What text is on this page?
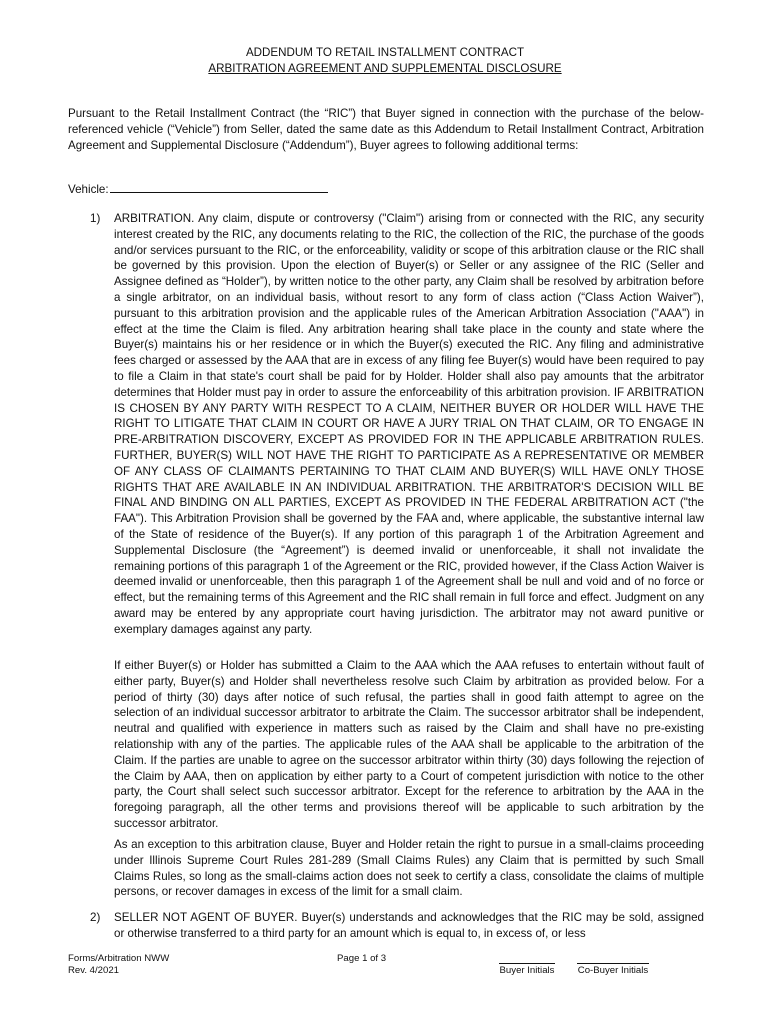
ADDENDUM TO RETAIL INSTALLMENT CONTRACT
ARBITRATION AGREEMENT AND SUPPLEMENTAL DISCLOSURE

Pursuant to the Retail Installment Contract (the “RIC”) that Buyer signed in connection with the purchase of the below-referenced vehicle (“Vehicle”) from Seller, dated the same date as this Addendum to Retail Installment Contract, Arbitration Agreement and Supplemental Disclosure (“Addendum”), Buyer agrees to following additional terms:

Vehicle:
1) ARBITRATION. Any claim, dispute or controversy ("Claim") arising from or connected with the RIC, any security interest created by the RIC, any documents relating to the RIC, the collection of the RIC, the purchase of the goods and/or services pursuant to the RIC, or the enforceability, validity or scope of this arbitration clause or the RIC shall be governed by this provision. Upon the election of Buyer(s) or Seller or any assignee of the RIC (Seller and Assignee defined as “Holder”), by written notice to the other party, any Claim shall be resolved by arbitration before a single arbitrator, on an individual basis, without resort to any form of class action (“Class Action Waiver”), pursuant to this arbitration provision and the applicable rules of the American Arbitration Association ("AAA") in effect at the time the Claim is filed. Any arbitration hearing shall take place in the county and state where the Buyer(s) maintains his or her residence or in which the Buyer(s) executed the RIC. Any filing and administrative fees charged or assessed by the AAA that are in excess of any filing fee Buyer(s) would have been required to pay to file a Claim in that state's court shall be paid for by Holder. Holder shall also pay amounts that the arbitrator determines that Holder must pay in order to assure the enforceability of this arbitration provision. IF ARBITRATION IS CHOSEN BY ANY PARTY WITH RESPECT TO A CLAIM, NEITHER BUYER OR HOLDER WILL HAVE THE RIGHT TO LITIGATE THAT CLAIM IN COURT OR HAVE A JURY TRIAL ON THAT CLAIM, OR TO ENGAGE IN PRE-ARBITRATION DISCOVERY, EXCEPT AS PROVIDED FOR IN THE APPLICABLE ARBITRATION RULES. FURTHER, BUYER(S) WILL NOT HAVE THE RIGHT TO PARTICIPATE AS A REPRESENTATIVE OR MEMBER OF ANY CLASS OF CLAIMANTS PERTAINING TO THAT CLAIM AND BUYER(S) WILL HAVE ONLY THOSE RIGHTS THAT ARE AVAILABLE IN AN INDIVIDUAL ARBITRATION. THE ARBITRATOR'S DECISION WILL BE FINAL AND BINDING ON ALL PARTIES, EXCEPT AS PROVIDED IN THE FEDERAL ARBITRATION ACT ("the FAA"). This Arbitration Provision shall be governed by the FAA and, where applicable, the substantive internal law of the State of residence of the Buyer(s). If any portion of this paragraph 1 of the Arbitration Agreement and Supplemental Disclosure (the “Agreement”) is deemed invalid or unenforceable, it shall not invalidate the remaining portions of this paragraph 1 of the Agreement or the RIC, provided however, if the Class Action Waiver is deemed invalid or unenforceable, then this paragraph 1 of the Agreement shall be null and void and of no force or effect, but the remaining terms of this Agreement and the RIC shall remain in full force and effect. Judgment on any award may be entered by any appropriate court having jurisdiction. The arbitrator may not award punitive or exemplary damages against any party.

If either Buyer(s) or Holder has submitted a Claim to the AAA which the AAA refuses to entertain without fault of either party, Buyer(s) and Holder shall nevertheless resolve such Claim by arbitration as provided below. For a period of thirty (30) days after notice of such refusal, the parties shall in good faith attempt to agree on the selection of an individual successor arbitrator to arbitrate the Claim. The successor arbitrator shall be independent, neutral and qualified with experience in matters such as raised by the Claim and shall have no pre-existing relationship with any of the parties. The applicable rules of the AAA shall be applicable to the arbitration of the Claim. If the parties are unable to agree on the successor arbitrator within thirty (30) days following the rejection of the Claim by AAA, then on application by either party to a Court of competent jurisdiction with notice to the other party, the Court shall select such successor arbitrator. Except for the reference to arbitration by the AAA in the foregoing paragraph, all the other terms and provisions thereof will be applicable to such arbitration by the successor arbitrator.

As an exception to this arbitration clause, Buyer and Holder retain the right to pursue in a small-claims proceeding under Illinois Supreme Court Rules 281-289 (Small Claims Rules) any Claim that is permitted by such Small Claims Rules, so long as the small-claims action does not seek to certify a class, consolidate the claims of multiple persons, or recover damages in excess of the limit for a small claim.

2) SELLER NOT AGENT OF BUYER. Buyer(s) understands and acknowledges that the RIC may be sold, assigned or otherwise transferred to a third party for an amount which is equal to, in excess of, or less

Forms/Arbitration NWW
Rev. 4/2021
Page 1 of 3
Buyer Initials	Co-Buyer Initials
